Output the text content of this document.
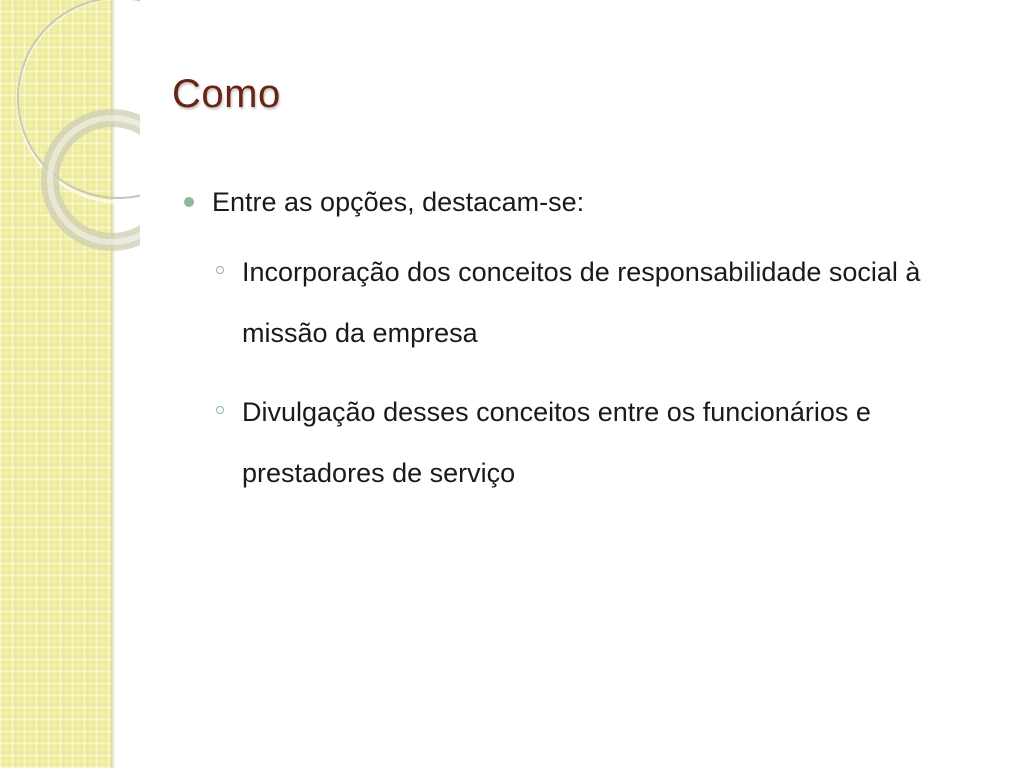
Como
Entre as opções, destacam-se:
Incorporação dos conceitos de responsabilidade social à missão da empresa
Divulgação desses conceitos entre os funcionários e prestadores de serviço
